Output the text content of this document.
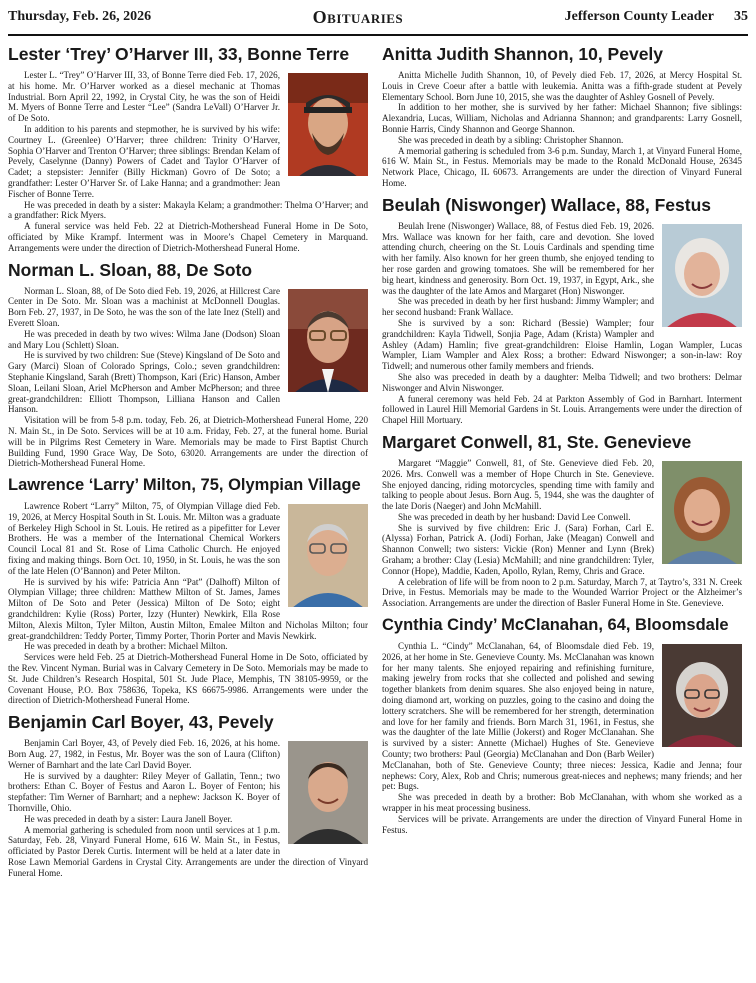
Thursday, Feb. 26, 2026	Obituaries	Jefferson County Leader 35
Lester ‘Trey’ O’Harver III, 33, Bonne Terre

Lester L. “Trey” O’Harver III, 33, of Bonne Terre died Feb. 17, 2026, at his home. Mr. O’Harver worked as a diesel mechanic at Thomas Industrial. Born April 22, 1992, in Crystal City, he was the son of Heidi M. Myers of Bonne Terre and Lester “Lee” (Sandra LeVall) O’Harver Jr. of De Soto.

In addition to his parents and stepmother, he is survived by his wife: Courtney L. (Greenlee) O’Harver; three children: Trinity O’Harver, Sophia O’Harver and Trenton O’Harver; three siblings: Brendan Kelam of Pevely, Caselynne (Danny) Powers of Cadet and Taylor O’Harver of Cadet; a stepsister: Jennifer (Billy Hickman) Govro of De Soto; a grandfather: Lester O’Harver Sr. of Lake Hanna; and a grandmother: Jean Fischer of Bonne Terre.

He was preceded in death by a sister: Makayla Kelam; a grandmother: Thelma O’Harver; and a grandfather: Rick Myers.

A funeral service was held Feb. 22 at Dietrich-Mothershead Funeral Home in De Soto, officiated by Mike Krampf. Interment was in Moore’s Chapel Cemetery in Marquand. Arrangements were under the direction of Dietrich-Mothershead Funeral Home.

Norman L. Sloan, 88, De Soto

Norman L. Sloan, 88, of De Soto died Feb. 19, 2026, at Hillcrest Care Center in De Soto. Mr. Sloan was a machinist at McDonnell Douglas. Born Feb. 27, 1937, in De Soto, he was the son of the late Inez (Stell) and Everett Sloan.

He was preceded in death by two wives: Wilma Jane (Dodson) Sloan and Mary Lou (Schlett) Sloan.

He is survived by two children: Sue (Steve) Kingsland of De Soto and Gary (Marci) Sloan of Colorado Springs, Colo.; seven grandchildren: Stephanie Kingsland, Sarah (Brett) Thompson, Kari (Eric) Hanson, Amber Sloan, Leilani Sloan, Ariel McPherson and Amber McPherson; and three great-grandchildren: Elliott Thompson, Lilliana Hanson and Callen Hanson.

Visitation will be from 5-8 p.m. today, Feb. 26, at Dietrich-Mothershead Funeral Home, 220 N. Main St., in De Soto. Services will be at 10 a.m. Friday, Feb. 27, at the funeral home. Burial will be in Pilgrims Rest Cemetery in Ware. Memorials may be made to First Baptist Church Building Fund, 1990 Grace Way, De Soto, 63020. Arrangements are under the direction of Dietrich-Mothershead Funeral Home.

Lawrence ‘Larry’ Milton, 75, Olympian Village

Lawrence Robert “Larry” Milton, 75, of Olympian Village died Feb. 19, 2026, at Mercy Hospital South in St. Louis. Mr. Milton was a graduate of Berkeley High School in St. Louis. He retired as a pipefitter for Lever Brothers. He was a member of the International Chemical Workers Council Local 81 and St. Rose of Lima Catholic Church. He enjoyed fixing and making things. Born Oct. 10, 1950, in St. Louis, he was the son of the late Helen (O’Bannon) and Peter Milton.

He is survived by his wife: Patricia Ann “Pat” (Dalhoff) Milton of Olympian Village; three children: Matthew Milton of St. James, James Milton of De Soto and Peter (Jessica) Milton of De Soto; eight grandchildren: Kylie (Ross) Porter, Izzy (Hunter) Newkirk, Ella Rose Milton, Alexis Milton, Tyler Milton, Austin Milton, Emalee Milton and Nicholas Milton; four great-grandchildren: Teddy Porter, Timmy Porter, Thorin Porter and Mavis Newkirk.

He was preceded in death by a brother: Michael Milton.

Services were held Feb. 25 at Dietrich-Mothershead Funeral Home in De Soto, officiated by the Rev. Vincent Nyman. Burial was in Calvary Cemetery in De Soto. Memorials may be made to St. Jude Children’s Research Hospital, 501 St. Jude Place, Memphis, TN 38105-9959, or the Covenant House, P.O. Box 758636, Topeka, KS 66675-9986. Arrangements were under the direction of Dietrich-Mothershead Funeral Home.

Benjamin Carl Boyer, 43, Pevely

Benjamin Carl Boyer, 43, of Pevely died Feb. 16, 2026, at his home. Born Aug. 27, 1982, in Festus, Mr. Boyer was the son of Laura (Clifton) Werner of Barnhart and the late Carl David Boyer.

He is survived by a daughter: Riley Meyer of Gallatin, Tenn.; two brothers: Ethan C. Boyer of Festus and Aaron L. Boyer of Fenton; his stepfather: Tim Werner of Barnhart; and a nephew: Jackson K. Boyer of Thornville, Ohio.

He was preceded in death by a sister: Laura Janell Boyer.

A memorial gathering is scheduled from noon until services at 1 p.m. Saturday, Feb. 28, Vinyard Funeral Home, 616 W. Main St., in Festus, officiated by Pastor Derek Curtis. Interment will be held at a later date in Rose Lawn Memorial Gardens in Crystal City. Arrangements are under the direction of Vinyard Funeral Home.

Anitta Judith Shannon, 10, Pevely

Anitta Michelle Judith Shannon, 10, of Pevely died Feb. 17, 2026, at Mercy Hospital St. Louis in Creve Coeur after a battle with leukemia. Anitta was a fifth-grade student at Pevely Elementary School. Born June 10, 2015, she was the daughter of Ashley Gosnell of Pevely.

In addition to her mother, she is survived by her father: Michael Shannon; five siblings: Alexandria, Lucas, William, Nicholas and Adrianna Shannon; and grandparents: Larry Gosnell, Bonnie Harris, Cindy Shannon and George Shannon.

She was preceded in death by a sibling: Christopher Shannon.

A memorial gathering is scheduled from 3-6 p.m. Sunday, March 1, at Vinyard Funeral Home, 616 W. Main St., in Festus. Memorials may be made to the Ronald McDonald House, 26345 Network Place, Chicago, IL 60673. Arrangements are under the direction of Vinyard Funeral Home.

Beulah (Niswonger) Wallace, 88, Festus

Beulah Irene (Niswonger) Wallace, 88, of Festus died Feb. 19, 2026. Mrs. Wallace was known for her faith, care and devotion. She loved attending church, cheering on the St. Louis Cardinals and spending time with her family. Also known for her green thumb, she enjoyed tending to her rose garden and growing tomatoes. She will be remembered for her big heart, kindness and generosity. Born Oct. 19, 1937, in Egypt, Ark., she was the daughter of the late Amos and Margaret (Hon) Niswonger.

She was preceded in death by her first husband: Jimmy Wampler; and her second husband: Frank Wallace.

She is survived by a son: Richard (Bessie) Wampler; four grandchildren: Kayla Tidwell, Sonjia Page, Adam (Krista) Wampler and Ashley (Adam) Hamlin; five great-grandchildren: Eloise Hamlin, Logan Wampler, Lucas Wampler, Liam Wampler and Alex Ross; a brother: Edward Niswonger; a son-in-law: Roy Tidwell; and numerous other family members and friends.

She also was preceded in death by a daughter: Melba Tidwell; and two brothers: Delmar Niswonger and Alvin Niswonger.

A funeral ceremony was held Feb. 24 at Parkton Assembly of God in Barnhart. Interment followed in Laurel Hill Memorial Gardens in St. Louis. Arrangements were under the direction of Chapel Hill Mortuary.

Margaret Conwell, 81, Ste. Genevieve

Margaret “Maggie” Conwell, 81, of Ste. Genevieve died Feb. 20, 2026. Mrs. Conwell was a member of Hope Church in Ste. Genevieve. She enjoyed dancing, riding motorcycles, spending time with family and talking to people about Jesus. Born Aug. 5, 1944, she was the daughter of the late Doris (Naeger) and John McMahill.

She was preceded in death by her husband: David Lee Conwell.

She is survived by five children: Eric J. (Sara) Forhan, Carl E. (Alyssa) Forhan, Patrick A. (Jodi) Forhan, Jake (Meagan) Conwell and Shannon Conwell; two sisters: Vickie (Ron) Menner and Lynn (Brek) Graham; a brother: Clay (Lesia) McMahill; and nine grandchildren: Tyler, Connor (Hope), Maddie, Kaden, Apollo, Rylan, Remy, Chris and Grace.

A celebration of life will be from noon to 2 p.m. Saturday, March 7, at Taytro’s, 331 N. Creek Drive, in Festus. Memorials may be made to the Wounded Warrior Project or the Alzheimer’s Association. Arrangements are under the direction of Basler Funeral Home in Ste. Genevieve.

Cynthia Cindy’ McClanahan, 64, Bloomsdale

Cynthia L. “Cindy” McClanahan, 64, of Bloomsdale died Feb. 19, 2026, at her home in Ste. Genevieve County. Ms. McClanahan was known for her many talents. She enjoyed repairing and refinishing furniture, making jewelry from rocks that she collected and polished and sewing together blankets from denim squares. She also enjoyed being in nature, doing diamond art, working on puzzles, going to the casino and doing the lottery scratchers. She will be remembered for her strength, determination and love for her family and friends. Born March 31, 1961, in Festus, she was the daughter of the late Millie (Jokerst) and Roger McClanahan. She is survived by a sister: Annette (Michael) Hughes of Ste. Genevieve County; two brothers: Paul (Georgia) McClanahan and Don (Barb Weiler) McClanahan, both of Ste. Genevieve County; three nieces: Jessica, Kadie and Jenna; four nephews: Cory, Alex, Rob and Chris; numerous great-nieces and nephews; many friends; and her pet: Bugs.

She was preceded in death by a brother: Bob McClanahan, with whom she worked as a wrapper in his meat processing business.

Services will be private. Arrangements are under the direction of Vinyard Funeral Home in Festus.
